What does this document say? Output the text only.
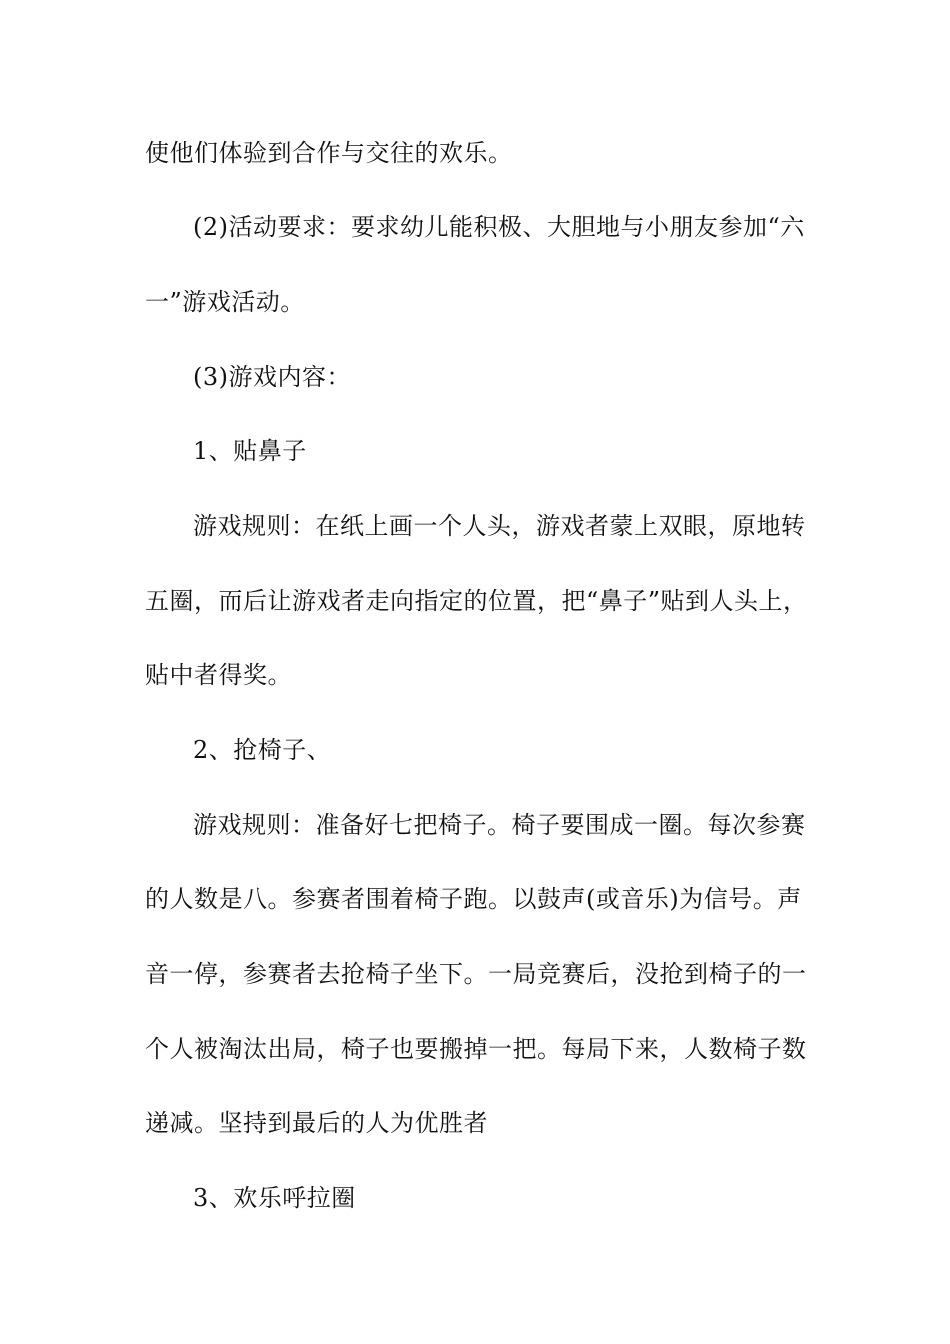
使他们体验到合作与交往的欢乐。
(2)活动要求：要求幼儿能积极、大胆地与小朋友参加“六
一”游戏活动。
(3)游戏内容：
1、贴鼻子
游戏规则：在纸上画一个人头，游戏者蒙上双眼，原地转
五圈，而后让游戏者走向指定的位置，把“鼻子”贴到人头上，
贴中者得奖。
2、抢椅子、
游戏规则：准备好七把椅子。椅子要围成一圈。每次参赛
的人数是八。参赛者围着椅子跑。以鼓声(或音乐)为信号。声
音一停，参赛者去抢椅子坐下。一局竞赛后，没抢到椅子的一
个人被淘汰出局，椅子也要搬掉一把。每局下来，人数椅子数
递减。坚持到最后的人为优胜者
3、欢乐呼拉圈
